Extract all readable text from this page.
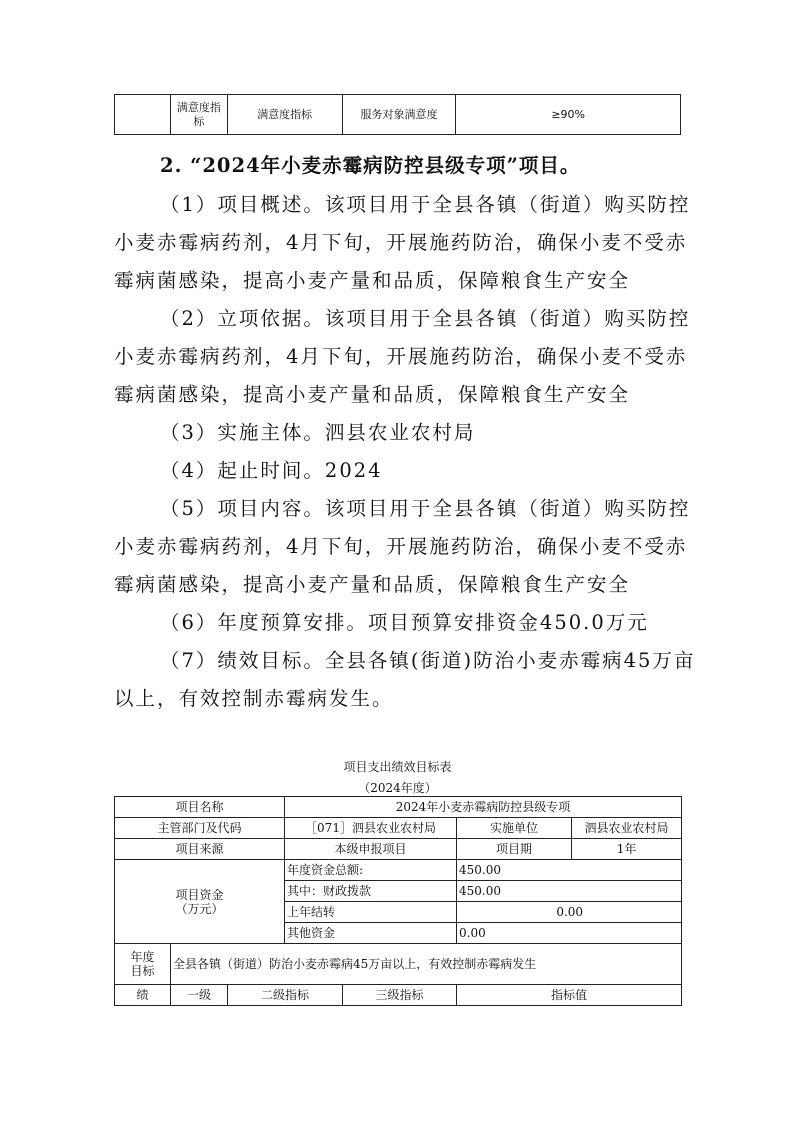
	满意度指标	满意度指标	服务对象满意度	≥90%

2. “2024年小麦赤霉病防控县级专项”项目。

（1）项目概述。该项目用于全县各镇（街道）购买防控

小麦赤霉病药剂，4月下旬，开展施药防治，确保小麦不受赤

霉病菌感染，提高小麦产量和品质，保障粮食生产安全

（2）立项依据。该项目用于全县各镇（街道）购买防控

小麦赤霉病药剂，4月下旬，开展施药防治，确保小麦不受赤

霉病菌感染，提高小麦产量和品质，保障粮食生产安全

（3）实施主体。泗县农业农村局

（4）起止时间。2024

（5）项目内容。该项目用于全县各镇（街道）购买防控

小麦赤霉病药剂，4月下旬，开展施药防治，确保小麦不受赤

霉病菌感染，提高小麦产量和品质，保障粮食生产安全

（6）年度预算安排。项目预算安排资金450.0万元

（7）绩效目标。全县各镇(街道)防治小麦赤霉病45万亩

以上，有效控制赤霉病发生。

项目支出绩效目标表
（2024年度）
项目名称			2024年小麦赤霉病防控县级专项			
主管部门及代码			［071］泗县农业农村局		实施单位	泗县农业农村局
项目来源			本级申报项目		项目期	1年

项目资金
（万元）			年度资金总额:		450.00	
			其中：财政拨款		450.00	
			上年结转		0.00	
			其他资金		0.00	

年度
目标	全县各镇（街道）防治小麦赤霉病45万亩以上，有效控制赤霉病发生					
绩	一级	二级指标		三级指标	指标值	
